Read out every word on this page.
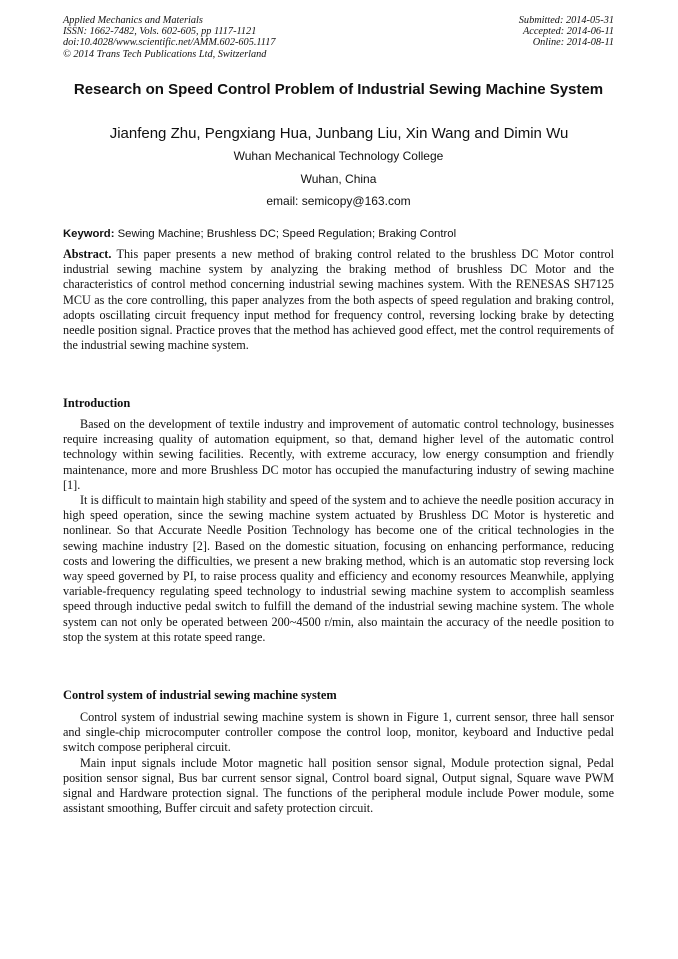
Applied Mechanics and Materials
ISSN: 1662-7482, Vols. 602-605, pp 1117-1121
doi:10.4028/www.scientific.net/AMM.602-605.1117
© 2014 Trans Tech Publications Ltd, Switzerland
Submitted: 2014-05-31
Accepted: 2014-06-11
Online: 2014-08-11
Research on Speed Control Problem of Industrial Sewing Machine System
Jianfeng Zhu, Pengxiang Hua, Junbang Liu, Xin Wang and Dimin Wu
Wuhan Mechanical Technology College
Wuhan, China
email: semicopy@163.com
Keyword: Sewing Machine; Brushless DC; Speed Regulation; Braking Control
Abstract. This paper presents a new method of braking control related to the brushless DC Motor control industrial sewing machine system by analyzing the braking method of brushless DC Motor and the characteristics of control method concerning industrial sewing machines system. With the RENESAS SH7125 MCU as the core controlling, this paper analyzes from the both aspects of speed regulation and braking control, adopts oscillating circuit frequency input method for frequency control, reversing locking brake by detecting needle position signal. Practice proves that the method has achieved good effect, met the control requirements of the industrial sewing machine system.
Introduction

Based on the development of textile industry and improvement of automatic control technology, businesses require increasing quality of automation equipment, so that, demand higher level of the automatic control technology within sewing facilities. Recently, with extreme accuracy, low energy consumption and friendly maintenance, more and more Brushless DC motor has occupied the manufacturing industry of sewing machine [1].

It is difficult to maintain high stability and speed of the system and to achieve the needle position accuracy in high speed operation, since the sewing machine system actuated by Brushless DC Motor is hysteretic and nonlinear. So that Accurate Needle Position Technology has become one of the critical technologies in the sewing machine industry [2]. Based on the domestic situation, focusing on enhancing performance, reducing costs and lowering the difficulties, we present a new braking method, which is an automatic stop reversing lock way speed governed by PI, to raise process quality and efficiency and economy resources Meanwhile, applying variable-frequency regulating speed technology to industrial sewing machine system to accomplish seamless speed through inductive pedal switch to fulfill the demand of the industrial sewing machine system. The whole system can not only be operated between 200~4500 r/min, also maintain the accuracy of the needle position to stop the system at this rotate speed range.

Control system of industrial sewing machine system

Control system of industrial sewing machine system is shown in Figure 1, current sensor, three hall sensor and single-chip microcomputer controller compose the control loop, monitor, keyboard and Inductive pedal switch compose peripheral circuit.

Main input signals include Motor magnetic hall position sensor signal, Module protection signal, Pedal position sensor signal, Bus bar current sensor signal, Control board signal, Output signal, Square wave PWM signal and Hardware protection signal. The functions of the peripheral module include Power module, some assistant smoothing, Buffer circuit and safety protection circuit.
